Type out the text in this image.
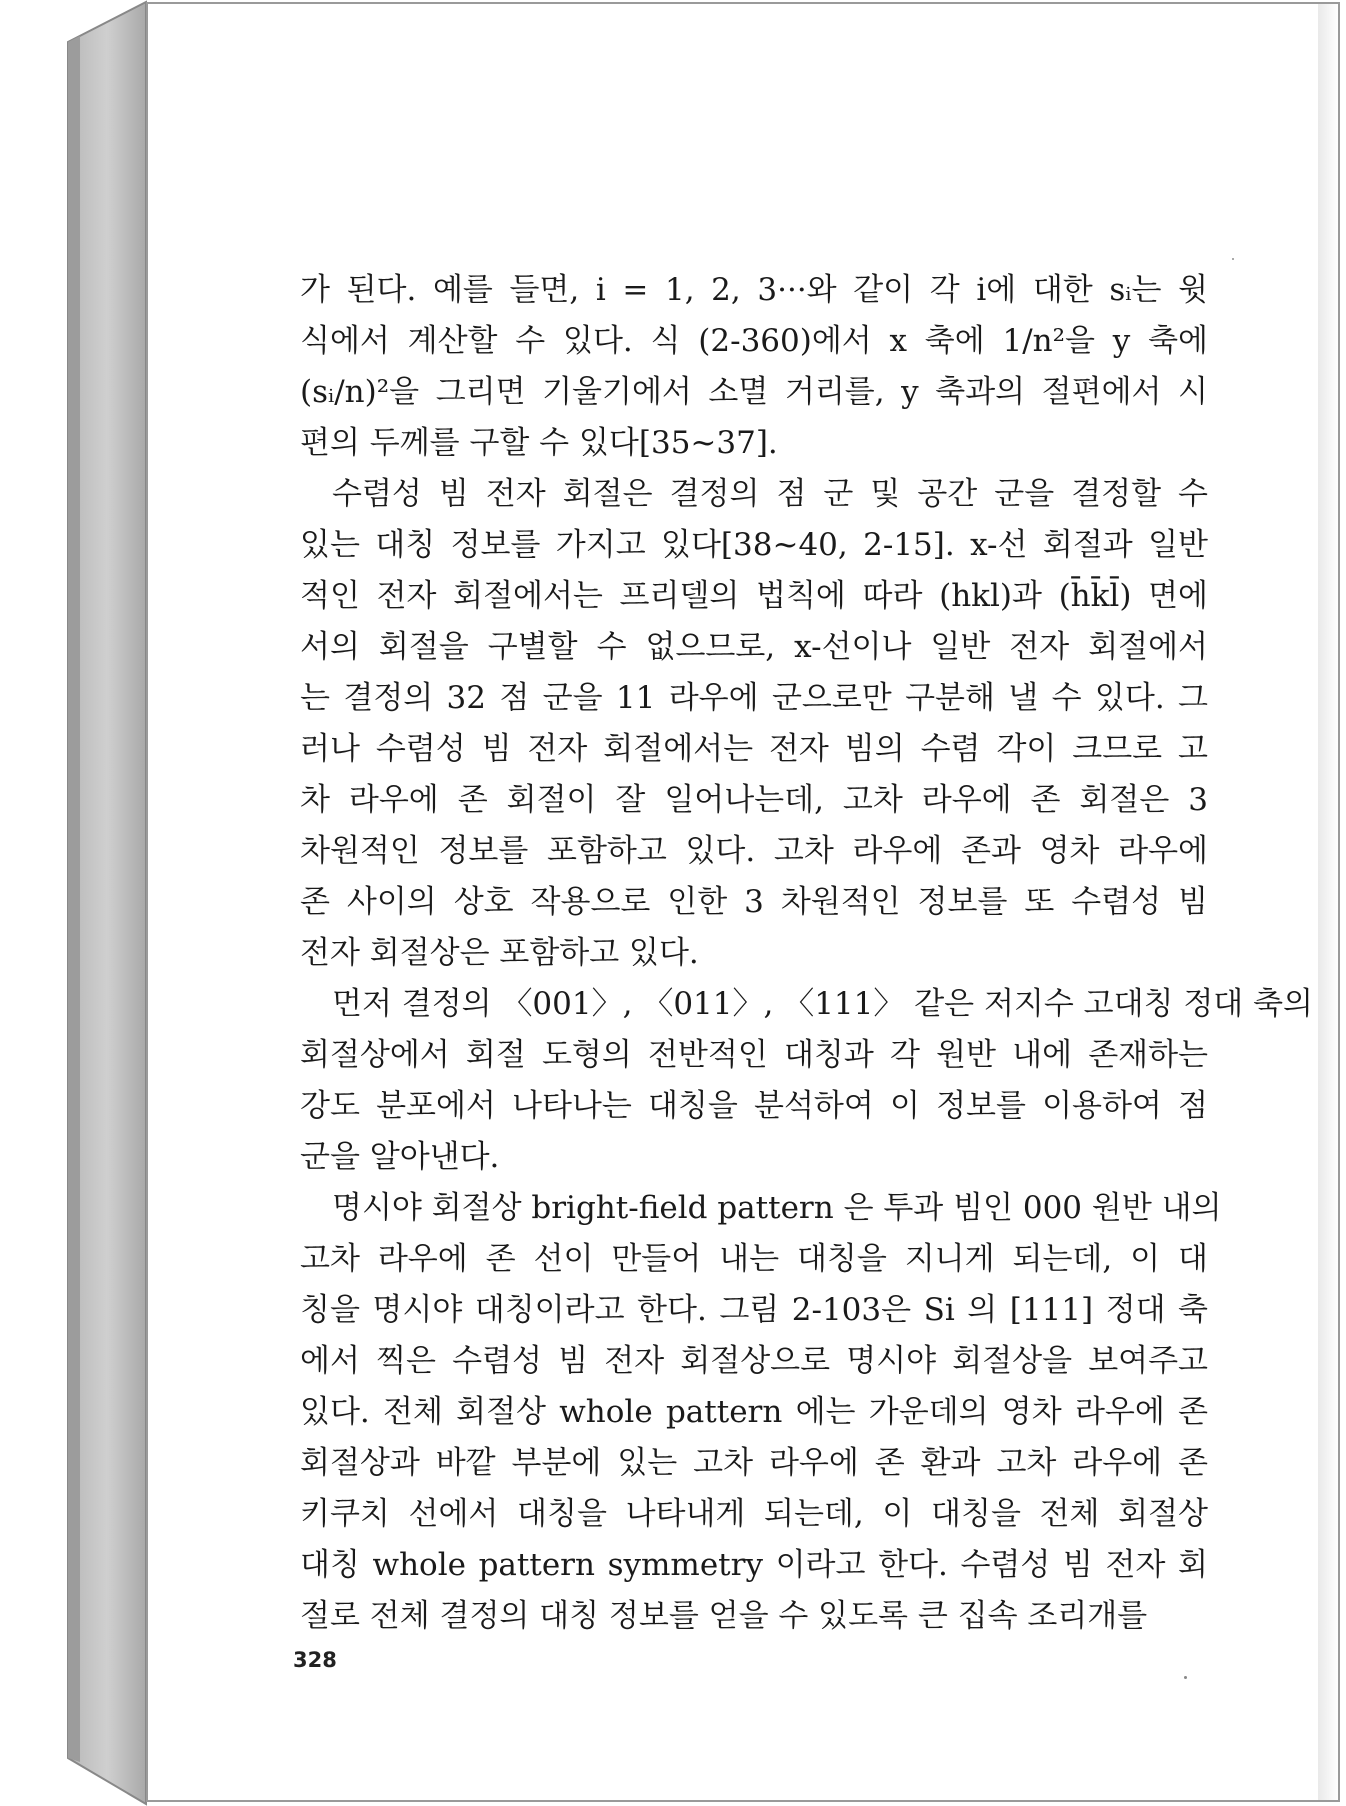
가 된다. 예를 들면, i = 1, 2, 3···와 같이 각 i에 대한 sᵢ는 윗
식에서 계산할 수 있다. 식 (2-360)에서 x 축에 1/n²을 y 축에
(sᵢ/n)²을 그리면 기울기에서 소멸 거리를, y 축과의 절편에서 시
편의 두께를 구할 수 있다[35~37].
수렴성 빔 전자 회절은 결정의 점 군 및 공간 군을 결정할 수
있는 대칭 정보를 가지고 있다[38~40, 2-15]. x-선 회절과 일반
적인 전자 회절에서는 프리델의 법칙에 따라 (hkl)과 (h̄k̄l̄) 면에
서의 회절을 구별할 수 없으므로, x-선이나 일반 전자 회절에서
는 결정의 32 점 군을 11 라우에 군으로만 구분해 낼 수 있다. 그
러나 수렴성 빔 전자 회절에서는 전자 빔의 수렴 각이 크므로 고
차 라우에 존 회절이 잘 일어나는데, 고차 라우에 존 회절은 3
차원적인 정보를 포함하고 있다. 고차 라우에 존과 영차 라우에
존 사이의 상호 작용으로 인한 3 차원적인 정보를 또 수렴성 빔
전자 회절상은 포함하고 있다.
먼저 결정의 〈001〉, 〈011〉, 〈111〉 같은 저지수 고대칭 정대 축의
회절상에서 회절 도형의 전반적인 대칭과 각 원반 내에 존재하는
강도 분포에서 나타나는 대칭을 분석하여 이 정보를 이용하여 점
군을 알아낸다.
명시야 회절상 bright-field pattern 은 투과 빔인 000 원반 내의
고차 라우에 존 선이 만들어 내는 대칭을 지니게 되는데, 이 대
칭을 명시야 대칭이라고 한다. 그림 2-103은 Si 의 [111] 정대 축
에서 찍은 수렴성 빔 전자 회절상으로 명시야 회절상을 보여주고
있다. 전체 회절상 whole pattern 에는 가운데의 영차 라우에 존
회절상과 바깥 부분에 있는 고차 라우에 존 환과 고차 라우에 존
키쿠치 선에서 대칭을 나타내게 되는데, 이 대칭을 전체 회절상
대칭 whole pattern symmetry 이라고 한다. 수렴성 빔 전자 회
절로 전체 결정의 대칭 정보를 얻을 수 있도록 큰 집속 조리개를
328
